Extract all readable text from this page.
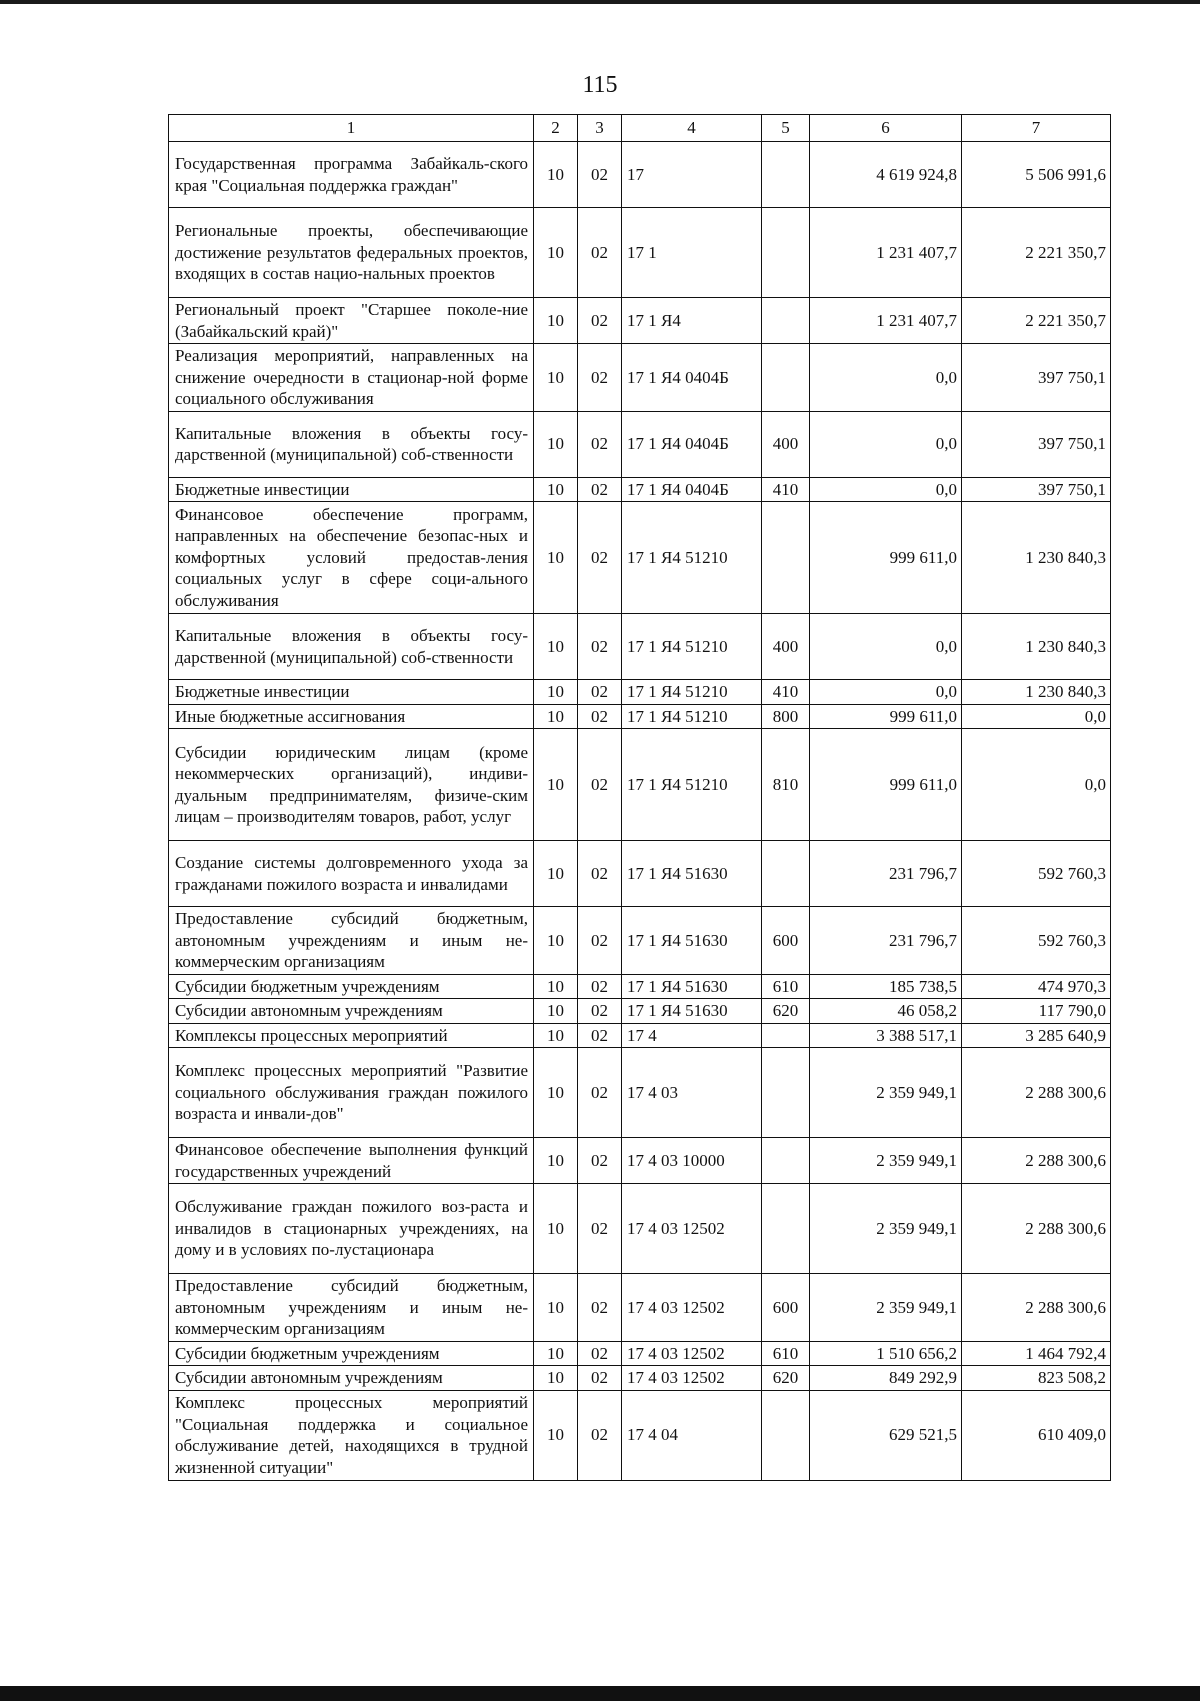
115
1	2	3	4	5	6	7
Государственная программа Забайкаль-ского края "Социальная поддержка граждан"	10	02	17		4 619 924,8	5 506 991,6
Региональные проекты, обеспечивающие достижение результатов федеральных проектов, входящих в состав нацио-нальных проектов	10	02	17 1		1 231 407,7	2 221 350,7
Региональный проект "Старшее поколе-ние (Забайкальский край)"	10	02	17 1 Я4		1 231 407,7	2 221 350,7
Реализация мероприятий, направленных на снижение очередности в стационар-ной форме социального обслуживания	10	02	17 1 Я4 0404Б		0,0	397 750,1
Капитальные вложения в объекты госу-дарственной (муниципальной) соб-ственности	10	02	17 1 Я4 0404Б	400	0,0	397 750,1
Бюджетные инвестиции	10	02	17 1 Я4 0404Б	410	0,0	397 750,1
Финансовое обеспечение программ, направленных на обеспечение безопас-ных и комфортных условий предостав-ления социальных услуг в сфере соци-ального обслуживания	10	02	17 1 Я4 51210		999 611,0	1 230 840,3
Капитальные вложения в объекты госу-дарственной (муниципальной) соб-ственности	10	02	17 1 Я4 51210	400	0,0	1 230 840,3
Бюджетные инвестиции	10	02	17 1 Я4 51210	410	0,0	1 230 840,3
Иные бюджетные ассигнования	10	02	17 1 Я4 51210	800	999 611,0	0,0
Субсидии юридическим лицам (кроме некоммерческих организаций), индиви-дуальным предпринимателям, физиче-ским лицам – производителям товаров, работ, услуг	10	02	17 1 Я4 51210	810	999 611,0	0,0
Создание системы долговременного ухода за гражданами пожилого возраста и инвалидами	10	02	17 1 Я4 51630		231 796,7	592 760,3
Предоставление субсидий бюджетным, автономным учреждениям и иным не-коммерческим организациям	10	02	17 1 Я4 51630	600	231 796,7	592 760,3
Субсидии бюджетным учреждениям	10	02	17 1 Я4 51630	610	185 738,5	474 970,3
Субсидии автономным учреждениям	10	02	17 1 Я4 51630	620	46 058,2	117 790,0
Комплексы процессных мероприятий	10	02	17 4		3 388 517,1	3 285 640,9
Комплекс процессных мероприятий "Развитие социального обслуживания граждан пожилого возраста и инвали-дов"	10	02	17 4 03		2 359 949,1	2 288 300,6
Финансовое обеспечение выполнения функций государственных учреждений	10	02	17 4 03 10000		2 359 949,1	2 288 300,6
Обслуживание граждан пожилого воз-раста и инвалидов в стационарных учреждениях, на дому и в условиях по-лустационара	10	02	17 4 03 12502		2 359 949,1	2 288 300,6
Предоставление субсидий бюджетным, автономным учреждениям и иным не-коммерческим организациям	10	02	17 4 03 12502	600	2 359 949,1	2 288 300,6
Субсидии бюджетным учреждениям	10	02	17 4 03 12502	610	1 510 656,2	1 464 792,4
Субсидии автономным учреждениям	10	02	17 4 03 12502	620	849 292,9	823 508,2
Комплекс процессных мероприятий "Социальная поддержка и социальное обслуживание детей, находящихся в трудной жизненной ситуации"	10	02	17 4 04		629 521,5	610 409,0
